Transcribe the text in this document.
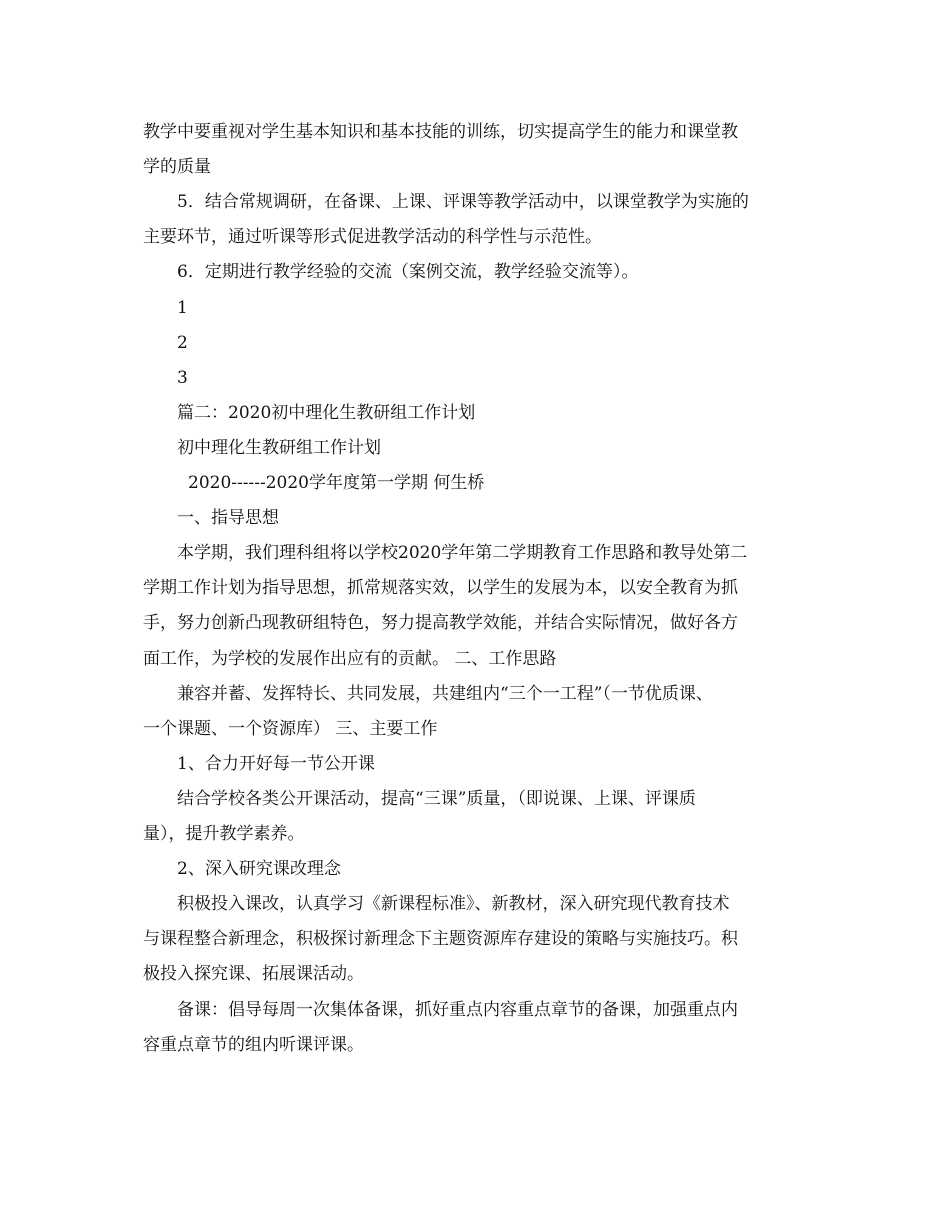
教学中要重视对学生基本知识和基本技能的训练，切实提高学生的能力和课堂教
学的质量
5．结合常规调研，在备课、上课、评课等教学活动中，以课堂教学为实施的
主要环节，通过听课等形式促进教学活动的科学性与示范性。
6．定期进行教学经验的交流（案例交流，教学经验交流等）。
1
2
3
篇二：2020初中理化生教研组工作计划
初中理化生教研组工作计划
2020------2020学年度第一学期 何生桥
一、指导思想
本学期，我们理科组将以学校2020学年第二学期教育工作思路和教导处第二
学期工作计划为指导思想，抓常规落实效，以学生的发展为本，以安全教育为抓
手，努力创新凸现教研组特色，努力提高教学效能，并结合实际情况，做好各方
面工作，为学校的发展作出应有的贡献。 二、工作思路
兼容并蓄、发挥特长、共同发展，共建组内“三个一工程”（一节优质课、
一个课题、一个资源库） 三、主要工作
1、合力开好每一节公开课
结合学校各类公开课活动，提高“三课”质量，（即说课、上课、评课质
量），提升教学素养。
2、深入研究课改理念
积极投入课改，认真学习《新课程标准》、新教材，深入研究现代教育技术
与课程整合新理念，积极探讨新理念下主题资源库存建设的策略与实施技巧。积
极投入探究课、拓展课活动。
备课：倡导每周一次集体备课，抓好重点内容重点章节的备课，加强重点内
容重点章节的组内听课评课。
